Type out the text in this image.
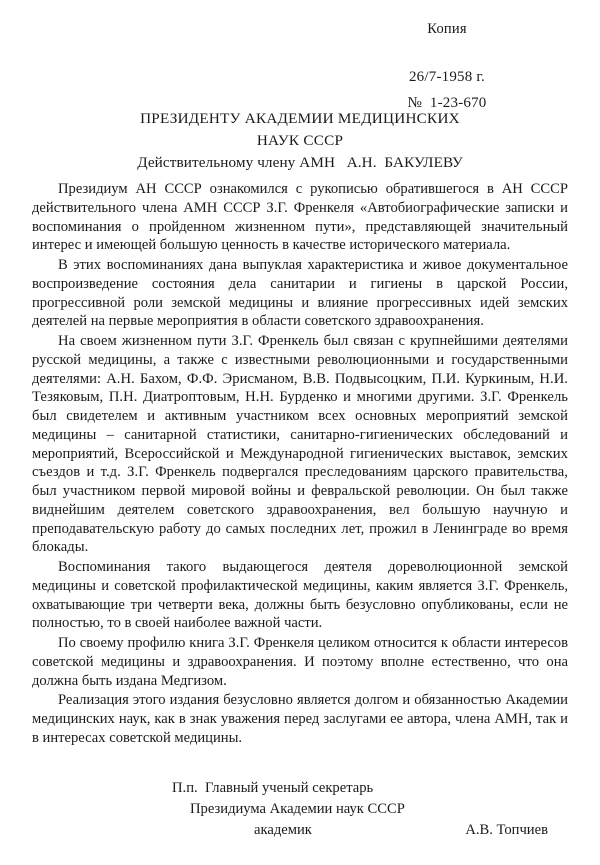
Копия
26/7-1958 г.
№  1-23-670
ПРЕЗИДЕНТУ АКАДЕМИИ МЕДИЦИНСКИХ
НАУК СССР
Действительному члену АМН   А.Н.  БАКУЛЕВУ

Президиум АН СССР ознакомился с рукописью обратившегося в АН СССР действительного члена АМН СССР З.Г. Френкеля «Автобиографические записки и воспоминания о пройденном жизненном пути», представляющей значительный интерес и имеющей большую ценность в качестве исторического материала.

В этих воспоминаниях дана выпуклая характеристика и живое документальное воспроизведение состояния дела санитарии и гигиены в царской России, прогрессивной роли земской медицины и влияние прогрессивных идей земских деятелей на первые мероприятия в области советского здравоохранения.

На своем жизненном пути З.Г. Френкель был связан с крупнейшими деятелями русской медицины, а также с известными революционными и государственными деятелями: А.Н. Бахом, Ф.Ф. Эрисманом, В.В. Подвысоцким, П.И. Куркиным, Н.И. Тезяковым, П.Н. Диатроптовым, Н.Н. Бурденко и многими другими. З.Г. Френкель был свидетелем и активным участником всех основных мероприятий земской медицины – санитарной статистики, санитарно-гигиенических обследований и мероприятий, Всероссийской и Международной гигиенических выставок, земских съездов и т.д. З.Г. Френкель подвергался преследованиям царского правительства, был участником первой мировой войны и февральской революции. Он был также виднейшим деятелем советского здравоохранения, вел большую научную и преподавательскую работу до самых последних лет, прожил в Ленинграде во время блокады.

Воспоминания такого выдающегося деятеля дореволюционной земской медицины и советской профилактической медицины, каким является З.Г. Френкель, охватывающие три четверти века, должны быть безусловно опубликованы, если не полностью, то в своей наиболее важной части.

По своему профилю книга З.Г. Френкеля целиком относится к области интересов советской медицины и здравоохранения. И поэтому вполне естественно, что она должна быть издана Медгизом.

Реализация этого издания безусловно является долгом и обязанностью Академии медицинских наук, как в знак уважения перед заслугами ее автора, члена АМН, так и в интересах советской медицины.

П.п.  Главный ученый секретарь
Президиума Академии наук СССР
академик	А.В. Топчиев
